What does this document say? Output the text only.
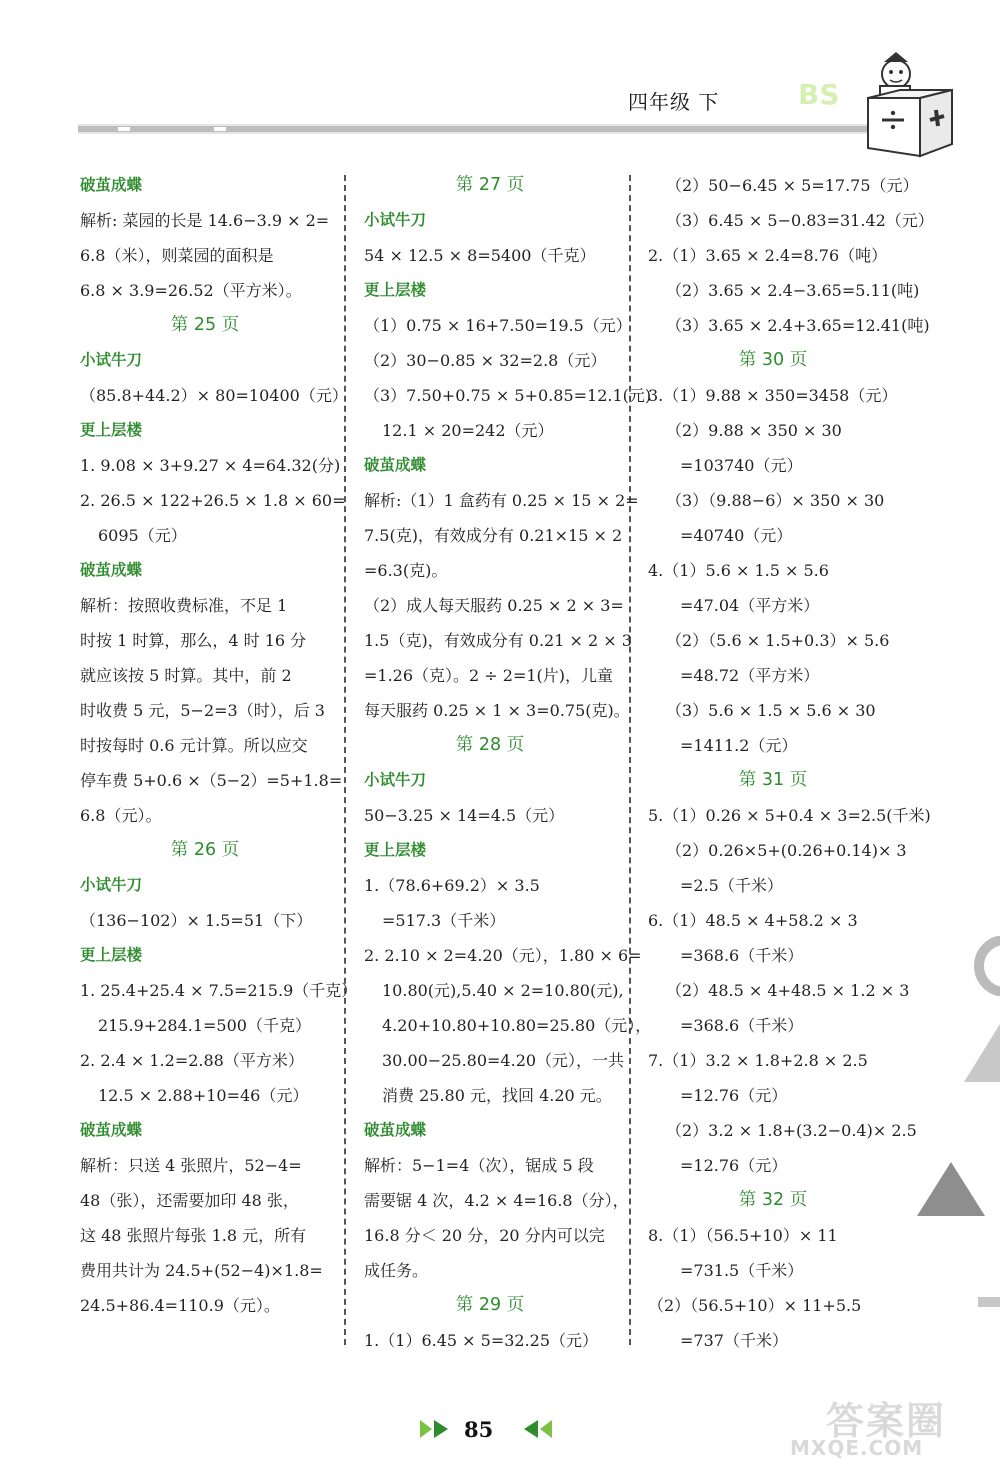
四年级 下	BS
破茧成蝶
解析: 菜园的长是 14.6−3.9 × 2=
6.8（米），则菜园的面积是
6.8 × 3.9=26.52（平方米）。
第 25 页
小试牛刀
（85.8+44.2）× 80=10400（元）
更上层楼
1. 9.08 × 3+9.27 × 4=64.32(分)
2. 26.5 × 122+26.5 × 1.8 × 60=
6095（元）
破茧成蝶
解析：按照收费标准，不足 1
时按 1 时算，那么，4 时 16 分
就应该按 5 时算。其中，前 2
时收费 5 元，5−2=3（时），后 3
时按每时 0.6 元计算。所以应交
停车费 5+0.6 ×（5−2）=5+1.8=
6.8（元）。
第 26 页
小试牛刀
（136−102）× 1.5=51（下）
更上层楼
1. 25.4+25.4 × 7.5=215.9（千克）
215.9+284.1=500（千克）
2. 2.4 × 1.2=2.88（平方米）
12.5 × 2.88+10=46（元）
破茧成蝶
解析：只送 4 张照片，52−4=
48（张），还需要加印 48 张，
这 48 张照片每张 1.8 元，所有
费用共计为 24.5+(52−4)×1.8=
24.5+86.4=110.9（元）。
第 27 页
小试牛刀
54 × 12.5 × 8=5400（千克）
更上层楼
（1）0.75 × 16+7.50=19.5（元）
（2）30−0.85 × 32=2.8（元）
（3）7.50+0.75 × 5+0.85=12.1(元)
12.1 × 20=242（元）
破茧成蝶
解析:（1）1 盒药有 0.25 × 15 × 2=
7.5(克)，有效成分有 0.21×15 × 2
=6.3(克)。
（2）成人每天服药 0.25 × 2 × 3=
1.5（克)，有效成分有 0.21 × 2 × 3
=1.26（克）。2 ÷ 2=1(片)，儿童
每天服药 0.25 × 1 × 3=0.75(克)。
第 28 页
小试牛刀
50−3.25 × 14=4.5（元）
更上层楼
1.（78.6+69.2）× 3.5
=517.3（千米）
2. 2.10 × 2=4.20（元），1.80 × 6=
10.80(元),5.40 × 2=10.80(元),
4.20+10.80+10.80=25.80（元），
30.00−25.80=4.20（元），一共
消费 25.80 元，找回 4.20 元。
破茧成蝶
解析：5−1=4（次），锯成 5 段
需要锯 4 次，4.2 × 4=16.8（分），
16.8 分＜ 20 分，20 分内可以完
成任务。
第 29 页
1.（1）6.45 × 5=32.25（元）
（2）50−6.45 × 5=17.75（元）
（3）6.45 × 5−0.83=31.42（元）
2.（1）3.65 × 2.4=8.76（吨）
（2）3.65 × 2.4−3.65=5.11(吨)
（3）3.65 × 2.4+3.65=12.41(吨)
第 30 页
3.（1）9.88 × 350=3458（元）
（2）9.88 × 350 × 30
=103740（元）
（3）（9.88−6）× 350 × 30
=40740（元）
4.（1）5.6 × 1.5 × 5.6
=47.04（平方米）
（2）（5.6 × 1.5+0.3）× 5.6
=48.72（平方米）
（3）5.6 × 1.5 × 5.6 × 30
=1411.2（元）
第 31 页
5.（1）0.26 × 5+0.4 × 3=2.5(千米)
（2）0.26×5+(0.26+0.14)× 3
=2.5（千米）
6.（1）48.5 × 4+58.2 × 3
=368.6（千米）
（2）48.5 × 4+48.5 × 1.2 × 3
=368.6（千米）
7.（1）3.2 × 1.8+2.8 × 2.5
=12.76（元）
（2）3.2 × 1.8+(3.2−0.4)× 2.5
=12.76（元）
第 32 页
8.（1）（56.5+10）× 11
=731.5（千米）
（2）（56.5+10）× 11+5.5
=737（千米）
85	答案圈
MXQE.COM
